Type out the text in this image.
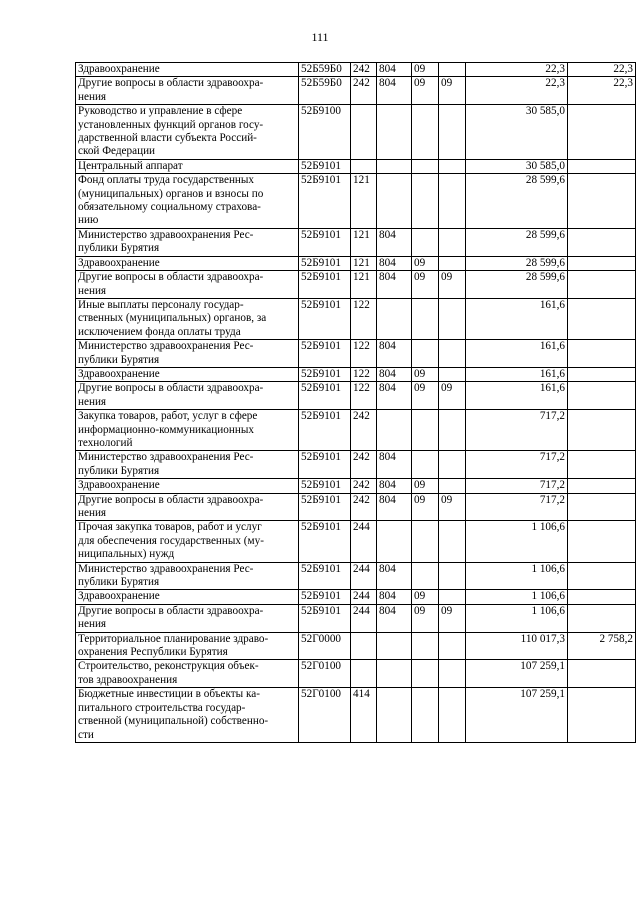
111
Здравоохранение	52Б59Б0	242	804	09		22,3	22,3
Другие вопросы в области здравоохра-
нения	52Б59Б0	242	804	09	09	22,3	22,3
Руководство и управление в сфере
установленных функций органов госу-
дарственной власти субъекта Россий-
ской Федерации	52Б9100					30 585,0	
Центральный аппарат	52Б9101					30 585,0	
Фонд оплаты труда государственных
(муниципальных) органов и взносы по
обязательному социальному страхова-
нию	52Б9101	121				28 599,6	
Министерство здравоохранения Рес-
публики Бурятия	52Б9101	121	804			28 599,6	
Здравоохранение	52Б9101	121	804	09		28 599,6	
Другие вопросы в области здравоохра-
нения	52Б9101	121	804	09	09	28 599,6	
Иные выплаты персоналу государ-
ственных (муниципальных) органов, за
исключением фонда оплаты труда	52Б9101	122				161,6	
Министерство здравоохранения Рес-
публики Бурятия	52Б9101	122	804			161,6	
Здравоохранение	52Б9101	122	804	09		161,6	
Другие вопросы в области здравоохра-
нения	52Б9101	122	804	09	09	161,6	
Закупка товаров, работ, услуг в сфере
информационно-коммуникационных
технологий	52Б9101	242				717,2	
Министерство здравоохранения Рес-
публики Бурятия	52Б9101	242	804			717,2	
Здравоохранение	52Б9101	242	804	09		717,2	
Другие вопросы в области здравоохра-
нения	52Б9101	242	804	09	09	717,2	
Прочая закупка товаров, работ и услуг
для обеспечения государственных (му-
ниципальных) нужд	52Б9101	244				1 106,6	
Министерство здравоохранения Рес-
публики Бурятия	52Б9101	244	804			1 106,6	
Здравоохранение	52Б9101	244	804	09		1 106,6	
Другие вопросы в области здравоохра-
нения	52Б9101	244	804	09	09	1 106,6	
Территориальное планирование здраво-
охранения Республики Бурятия	52Г0000					110 017,3	2 758,2
Строительство, реконструкция объек-
тов здравоохранения	52Г0100					107 259,1	
Бюджетные инвестиции в объекты ка-
питального строительства государ-
ственной (муниципальной) собственно-
сти	52Г0100	414				107 259,1	
